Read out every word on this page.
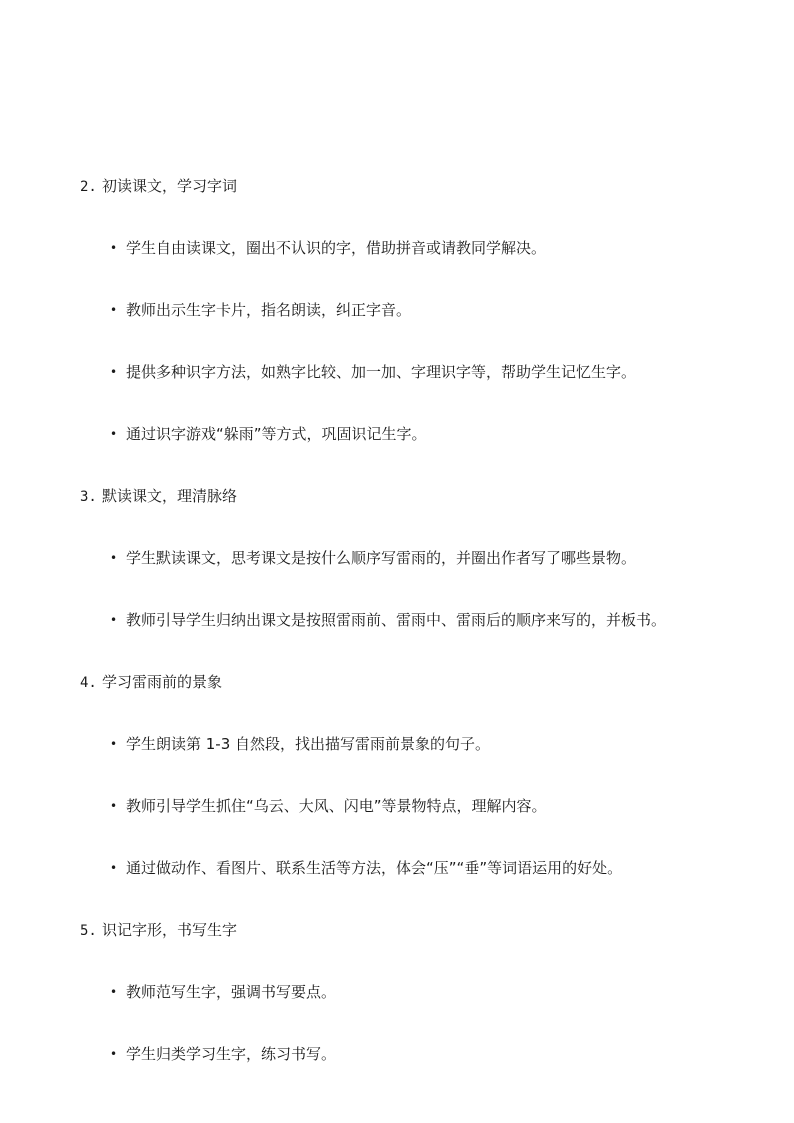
2. 初读课文，学习字词
• 学生自由读课文，圈出不认识的字，借助拼音或请教同学解决。
• 教师出示生字卡片，指名朗读，纠正字音。
• 提供多种识字方法，如熟字比较、加一加、字理识字等，帮助学生记忆生字。
• 通过识字游戏“躲雨”等方式，巩固识记生字。
3. 默读课文，理清脉络
• 学生默读课文，思考课文是按什么顺序写雷雨的，并圈出作者写了哪些景物。
• 教师引导学生归纳出课文是按照雷雨前、雷雨中、雷雨后的顺序来写的，并板书。
4. 学习雷雨前的景象
• 学生朗读第 1-3 自然段，找出描写雷雨前景象的句子。
• 教师引导学生抓住“乌云、大风、闪电”等景物特点，理解内容。
• 通过做动作、看图片、联系生活等方法，体会“压”“垂”等词语运用的好处。
5. 识记字形，书写生字
• 教师范写生字，强调书写要点。
• 学生归类学习生字，练习书写。
